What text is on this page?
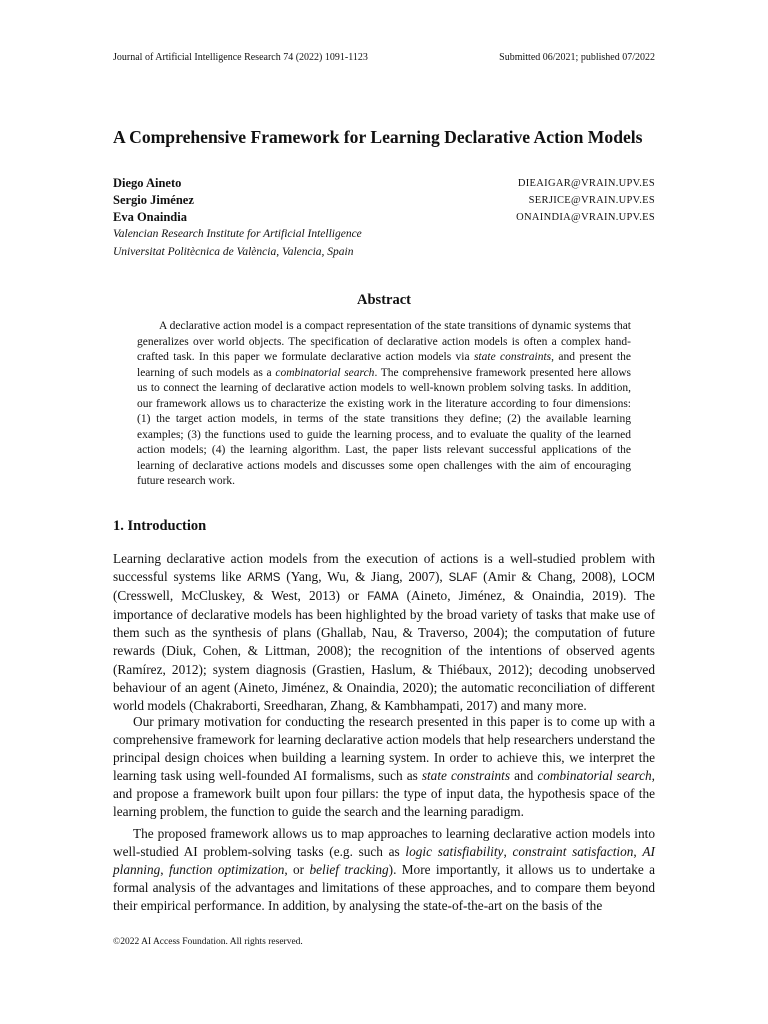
Journal of Artificial Intelligence Research 74 (2022) 1091-1123	Submitted 06/2021; published 07/2022
A Comprehensive Framework for Learning Declarative Action Models
Diego Aineto	DIEAIGAR@VRAIN.UPV.ES
Sergio Jiménez	SERJICE@VRAIN.UPV.ES
Eva Onaindia	ONAINDIA@VRAIN.UPV.ES
Valencian Research Institute for Artificial Intelligence
Universitat Politècnica de València, Valencia, Spain
Abstract

A declarative action model is a compact representation of the state transitions of dynamic systems that generalizes over world objects. The specification of declarative action models is often a complex hand-crafted task. In this paper we formulate declarative action models via state constraints, and present the learning of such models as a combinatorial search. The comprehensive framework presented here allows us to connect the learning of declarative action models to well-known problem solving tasks. In addition, our framework allows us to characterize the existing work in the literature according to four dimensions: (1) the target action models, in terms of the state transitions they define; (2) the available learning examples; (3) the functions used to guide the learning process, and to evaluate the quality of the learned action models; (4) the learning algorithm. Last, the paper lists relevant successful applications of the learning of declarative actions models and discusses some open challenges with the aim of encouraging future research work.

1. Introduction

Learning declarative action models from the execution of actions is a well-studied problem with successful systems like ARMS (Yang, Wu, & Jiang, 2007), SLAF (Amir & Chang, 2008), LOCM (Cresswell, McCluskey, & West, 2013) or FAMA (Aineto, Jiménez, & Onaindia, 2019). The importance of declarative models has been highlighted by the broad variety of tasks that make use of them such as the synthesis of plans (Ghallab, Nau, & Traverso, 2004); the computation of future rewards (Diuk, Cohen, & Littman, 2008); the recognition of the intentions of observed agents (Ramírez, 2012); system diagnosis (Grastien, Haslum, & Thiébaux, 2012); decoding unobserved behaviour of an agent (Aineto, Jiménez, & Onaindia, 2020); the automatic reconciliation of different world models (Chakraborti, Sreedharan, Zhang, & Kambhampati, 2017) and many more.

Our primary motivation for conducting the research presented in this paper is to come up with a comprehensive framework for learning declarative action models that help researchers understand the principal design choices when building a learning system. In order to achieve this, we interpret the learning task using well-founded AI formalisms, such as state constraints and combinatorial search, and propose a framework built upon four pillars: the type of input data, the hypothesis space of the learning problem, the function to guide the search and the learning paradigm.

The proposed framework allows us to map approaches to learning declarative action models into well-studied AI problem-solving tasks (e.g. such as logic satisfiability, constraint satisfaction, AI planning, function optimization, or belief tracking). More importantly, it allows us to undertake a formal analysis of the advantages and limitations of these approaches, and to compare them beyond their empirical performance. In addition, by analysing the state-of-the-art on the basis of the

©2022 AI Access Foundation. All rights reserved.
